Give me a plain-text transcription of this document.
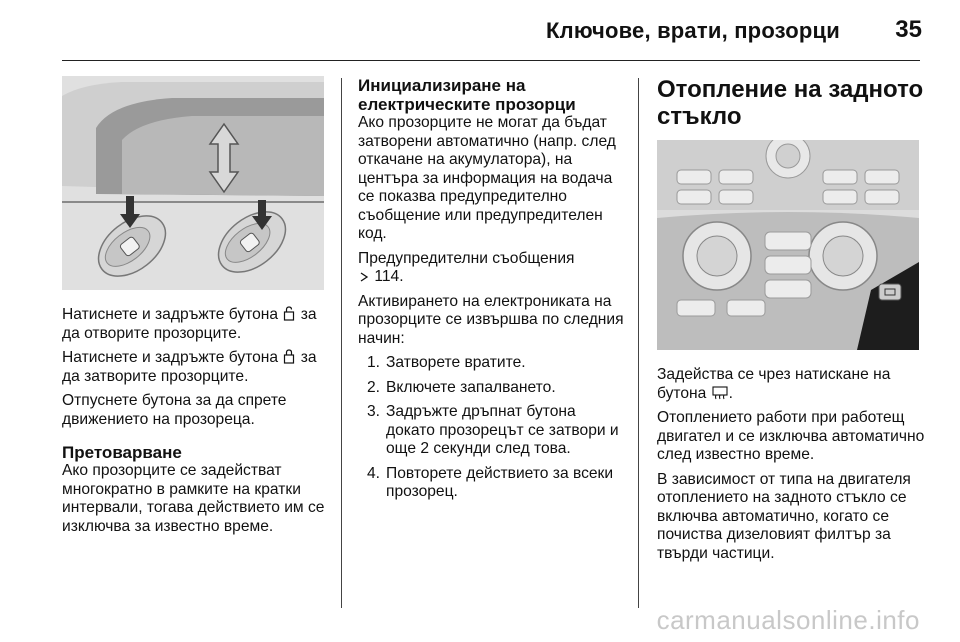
Ключове, врати, прозорци 35

Натиснете и задръжте бутона  за да отворите прозорците.

Натиснете и задръжте бутона  за да затворите прозорците.

Отпуснете бутона за да спрете движението на прозореца.

Претоварване

Ако прозорците се задействат многократно в рамките на кратки интервали, тогава действието им се изключва за известно време.

Инициализиране на електрическите прозорци

Ако прозорците не могат да бъдат затворени автоматично (напр. след откачане на акумулатора), на центъра за информация на водача се показва предупредително съобщение или предупредителен код.

Предупредителни съобщения
114.

Активирането на електрониката на прозорците се извършва по следния начин:

1. Затворете вратите.
2. Включете запалването.
3. Задръжте дръпнат бутона докато прозорецът се затвори и още 2 секунди след това.
4. Повторете действието за всеки прозорец.
Отопление на задното стъкло

Задейства се чрез натискане на бутона .

Отоплението работи при работещ двигател и се изключва автоматично след известно време.

В зависимост от типа на двигателя отоплението на задното стъкло се включва автоматично, когато се почиства дизеловият филтър за твърди частици.

carmanualsonline.info
